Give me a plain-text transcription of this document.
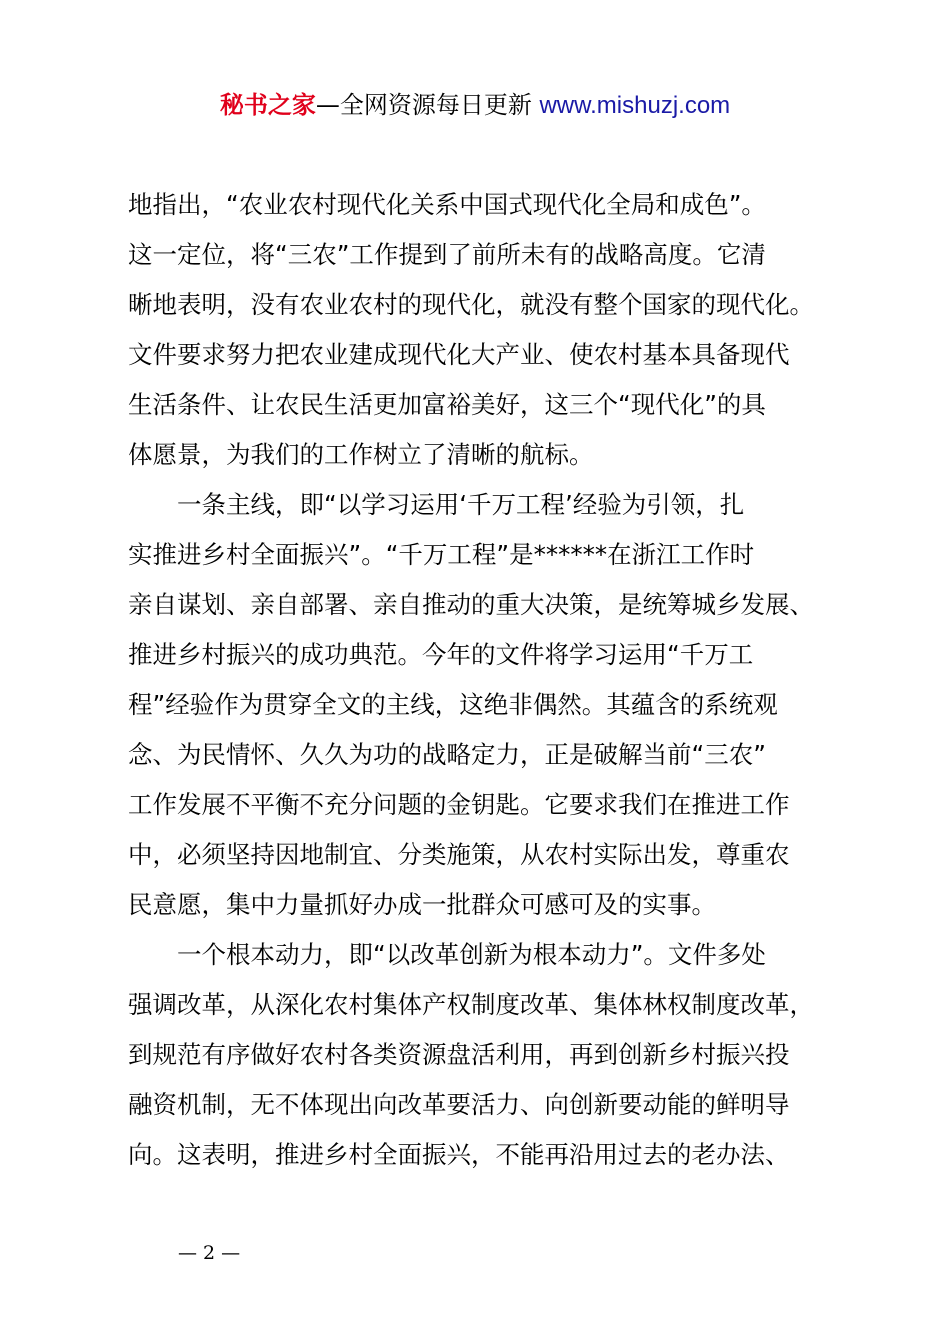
秘书之家—全网资源每日更新 www.mishuzj.com
地指出，“农业农村现代化关系中国式现代化全局和成色”。
这一定位，将“三农”工作提到了前所未有的战略高度。它清
晰地表明，没有农业农村的现代化，就没有整个国家的现代化。
文件要求努力把农业建成现代化大产业、使农村基本具备现代
生活条件、让农民生活更加富裕美好，这三个“现代化”的具
体愿景，为我们的工作树立了清晰的航标。
　　一条主线，即“以学习运用‘千万工程’经验为引领，扎
实推进乡村全面振兴”。“千万工程”是******在浙江工作时
亲自谋划、亲自部署、亲自推动的重大决策，是统筹城乡发展、
推进乡村振兴的成功典范。今年的文件将学习运用“千万工
程”经验作为贯穿全文的主线，这绝非偶然。其蕴含的系统观
念、为民情怀、久久为功的战略定力，正是破解当前“三农”
工作发展不平衡不充分问题的金钥匙。它要求我们在推进工作
中，必须坚持因地制宜、分类施策，从农村实际出发，尊重农
民意愿，集中力量抓好办成一批群众可感可及的实事。
　　一个根本动力，即“以改革创新为根本动力”。文件多处
强调改革，从深化农村集体产权制度改革、集体林权制度改革，
到规范有序做好农村各类资源盘活利用，再到创新乡村振兴投
融资机制，无不体现出向改革要活力、向创新要动能的鲜明导
向。这表明，推进乡村全面振兴，不能再沿用过去的老办法、
— 2 —
